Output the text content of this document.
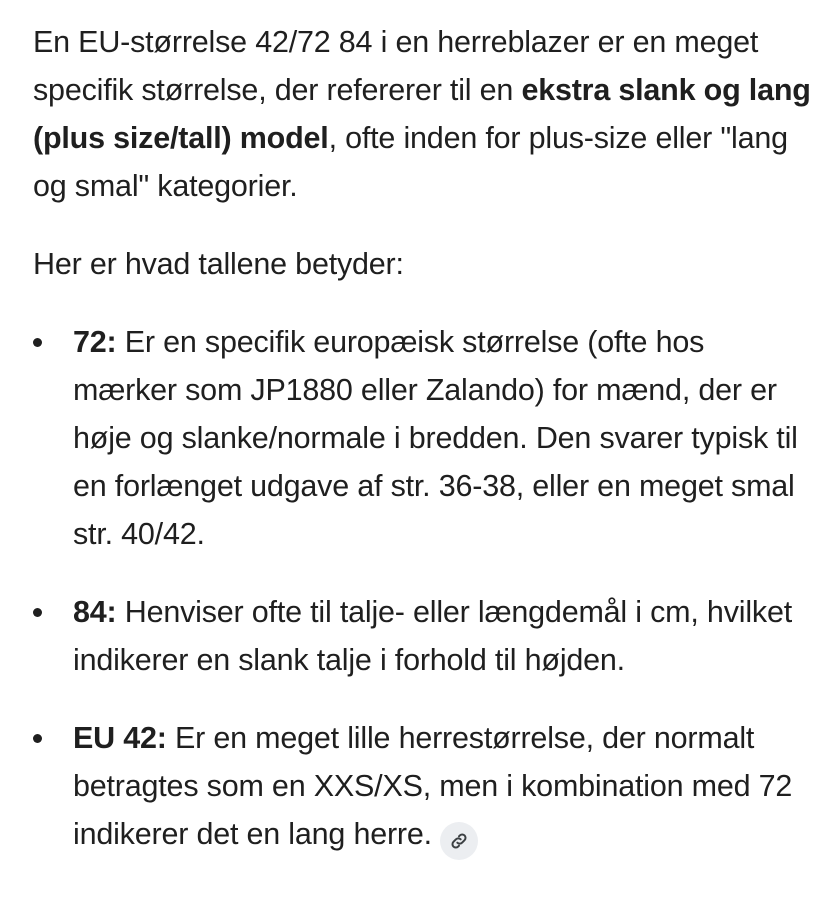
En EU-størrelse 42/72 84 i en herreblazer er en meget specifik størrelse, der refererer til en ekstra slank og lang (plus size/tall) model, ofte inden for plus-size eller "lang og smal" kategorier.

Her er hvad tallene betyder:

72: Er en specifik europæisk størrelse (ofte hos mærker som JP1880 eller Zalando) for mænd, der er høje og slanke/normale i bredden. Den svarer typisk til en forlænget udgave af str. 36-38, eller en meget smal str. 40/42.
84: Henviser ofte til talje- eller længdemål i cm, hvilket indikerer en slank talje i forhold til højden.
EU 42: Er en meget lille herrestørrelse, der normalt betragtes som en XXS/XS, men i kombination med 72 indikerer det en lang herre.
